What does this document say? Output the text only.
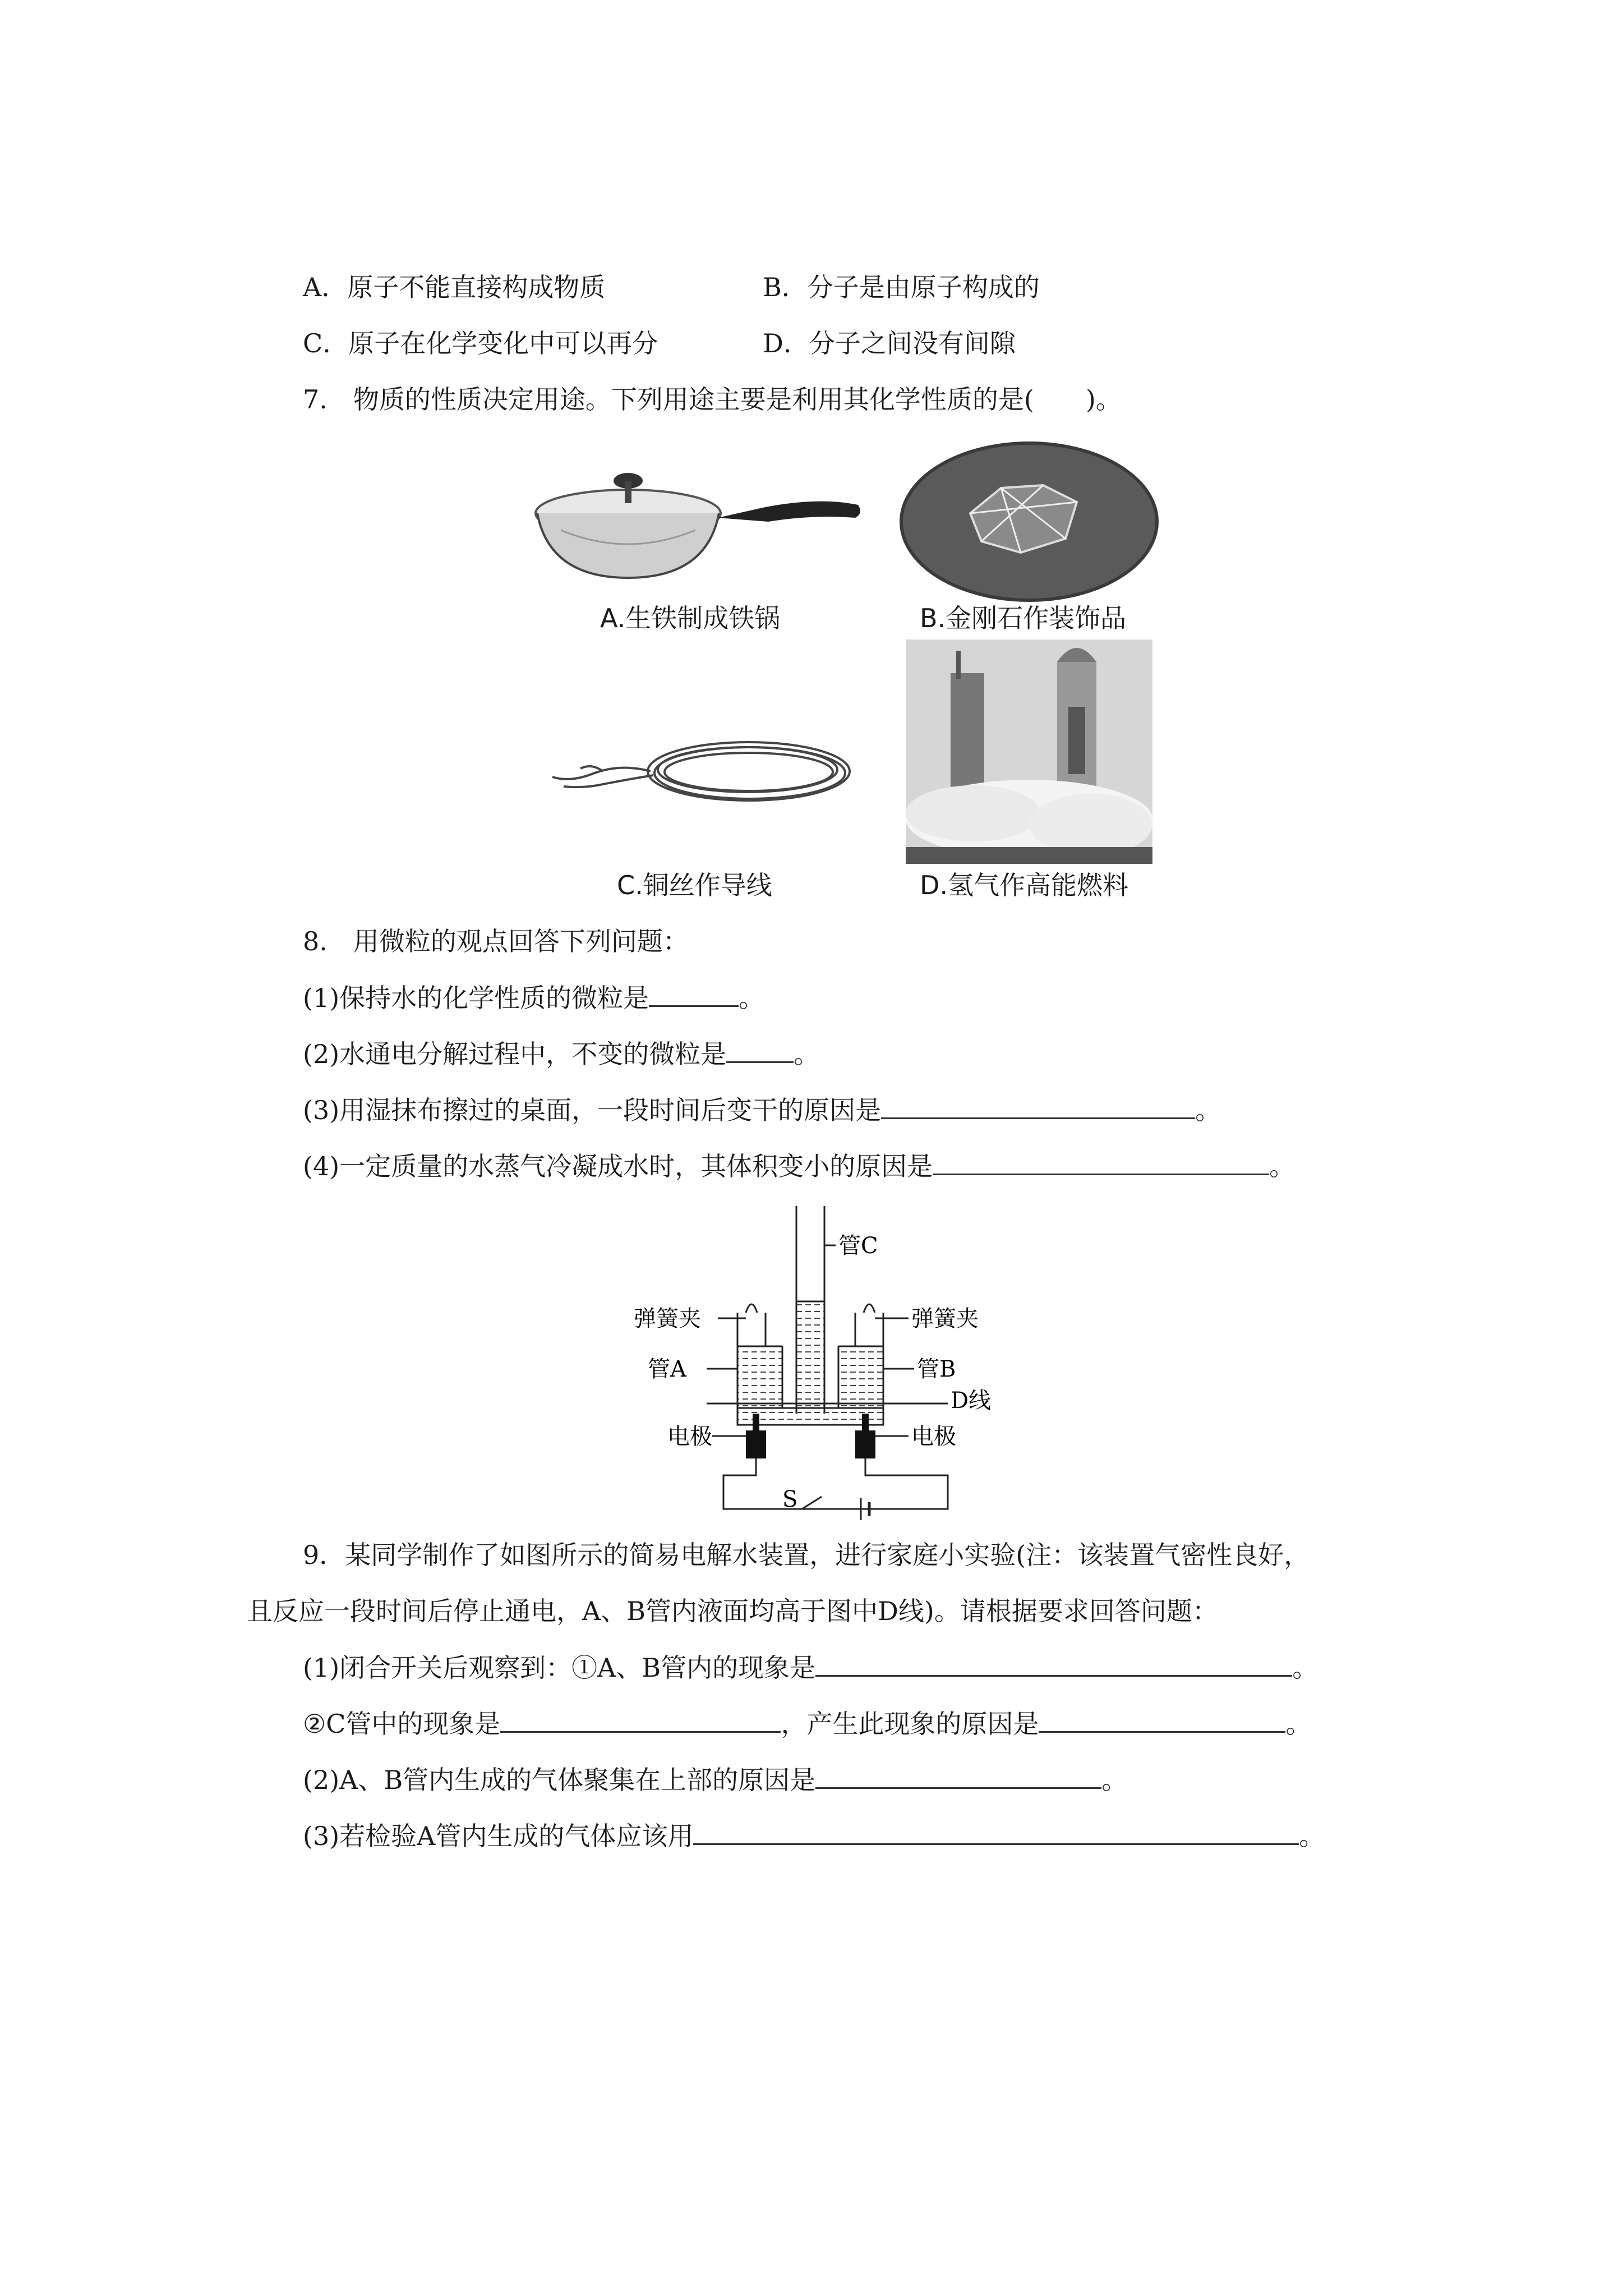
A．原子不能直接构成物质	B．分子是由原子构成的
C．原子在化学变化中可以再分	D．分子之间没有间隙
7.　物质的性质决定用途。下列用途主要是利用其化学性质的是(　　)。
A.生铁制成铁锅	B.金刚石作装饰品
C.铜丝作导线	D.氢气作高能燃料
8.　用微粒的观点回答下列问题：
(1)保持水的化学性质的微粒是	。
(2)水通电分解过程中，不变的微粒是	。
(3)用湿抹布擦过的桌面，一段时间后变干的原因是	。
(4)一定质量的水蒸气冷凝成水时，其体积变小的原因是	。
管C
弹簧夹	弹簧夹
管A	管B
D线
电极	电极
S
9．某同学制作了如图所示的简易电解水装置，进行家庭小实验(注：该装置气密性良好，
且反应一段时间后停止通电，A、B管内液面均高于图中D线)。请根据要求回答问题：
(1)闭合开关后观察到：①A、B管内的现象是	。
②C管中的现象是	，产生此现象的原因是	。
(2)A、B管内生成的气体聚集在上部的原因是	。
(3)若检验A管内生成的气体应该用	。
